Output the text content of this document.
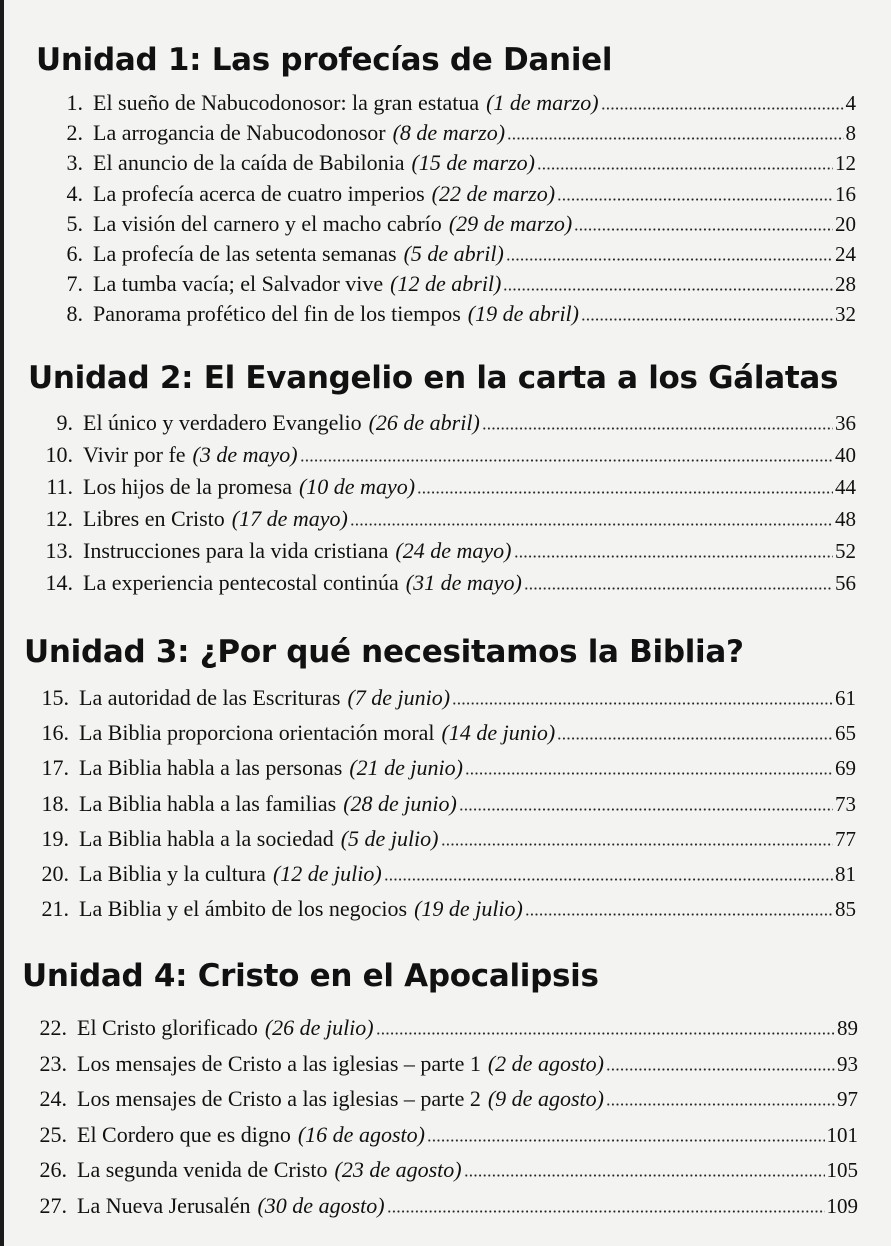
Unidad 1: Las profecías de Daniel
1. El sueño de Nabucodonosor: la gran estatua (1 de marzo)	4
2. La arrogancia de Nabucodonosor (8 de marzo)	8
3. El anuncio de la caída de Babilonia (15 de marzo)	12
4. La profecía acerca de cuatro imperios (22 de marzo)	16
5. La visión del carnero y el macho cabrío (29 de marzo)	20
6. La profecía de las setenta semanas (5 de abril)	24
7. La tumba vacía; el Salvador vive (12 de abril)	28
8. Panorama profético del fin de los tiempos (19 de abril)	32
Unidad 2: El Evangelio en la carta a los Gálatas
9. El único y verdadero Evangelio (26 de abril)	36
10. Vivir por fe (3 de mayo)	40
11. Los hijos de la promesa (10 de mayo)	44
12. Libres en Cristo (17 de mayo)	48
13. Instrucciones para la vida cristiana (24 de mayo)	52
14. La experiencia pentecostal continúa (31 de mayo)	56
Unidad 3: ¿Por qué necesitamos la Biblia?
15. La autoridad de las Escrituras (7 de junio)	61
16. La Biblia proporciona orientación moral (14 de junio)	65
17. La Biblia habla a las personas (21 de junio)	69
18. La Biblia habla a las familias (28 de junio)	73
19. La Biblia habla a la sociedad (5 de julio)	77
20. La Biblia y la cultura (12 de julio)	81
21. La Biblia y el ámbito de los negocios (19 de julio)	85
Unidad 4: Cristo en el Apocalipsis
22. El Cristo glorificado (26 de julio)	89
23. Los mensajes de Cristo a las iglesias – parte 1 (2 de agosto)	93
24. Los mensajes de Cristo a las iglesias – parte 2 (9 de agosto)	97
25. El Cordero que es digno (16 de agosto)	101
26. La segunda venida de Cristo (23 de agosto)	105
27. La Nueva Jerusalén (30 de agosto)	109
